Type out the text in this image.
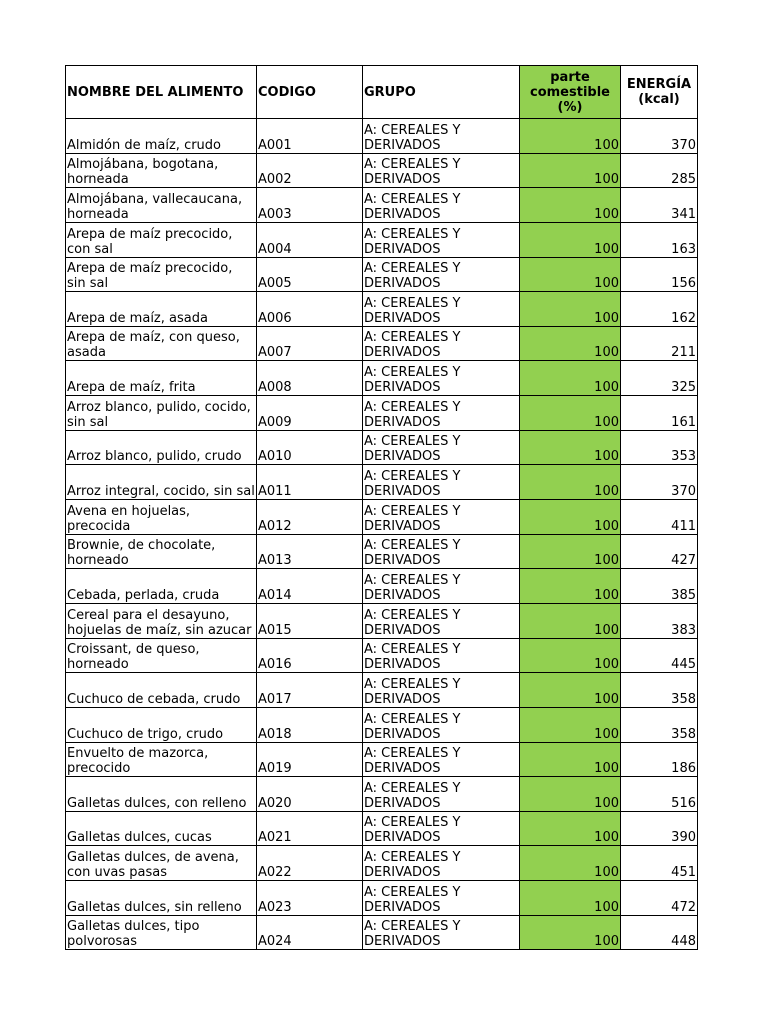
NOMBRE DEL ALIMENTO	CODIGO	GRUPO	parte comestible (%)	ENERGÍA (kcal)
Almidón de maíz, crudo	A001	A: CEREALES Y DERIVADOS	100	370
Almojábana, bogotana, horneada	A002	A: CEREALES Y DERIVADOS	100	285
Almojábana, vallecaucana, horneada	A003	A: CEREALES Y DERIVADOS	100	341
Arepa de maíz precocido, con sal	A004	A: CEREALES Y DERIVADOS	100	163
Arepa de maíz precocido, sin sal	A005	A: CEREALES Y DERIVADOS	100	156
Arepa de maíz, asada	A006	A: CEREALES Y DERIVADOS	100	162
Arepa de maíz, con queso, asada	A007	A: CEREALES Y DERIVADOS	100	211
Arepa de maíz, frita	A008	A: CEREALES Y DERIVADOS	100	325
Arroz blanco, pulido, cocido, sin sal	A009	A: CEREALES Y DERIVADOS	100	161
Arroz blanco, pulido, crudo	A010	A: CEREALES Y DERIVADOS	100	353
Arroz integral, cocido, sin sal	A011	A: CEREALES Y DERIVADOS	100	370
Avena en hojuelas, precocida	A012	A: CEREALES Y DERIVADOS	100	411
Brownie, de chocolate, horneado	A013	A: CEREALES Y DERIVADOS	100	427
Cebada, perlada, cruda	A014	A: CEREALES Y DERIVADOS	100	385
Cereal para el desayuno, hojuelas de maíz, sin azucar	A015	A: CEREALES Y DERIVADOS	100	383
Croissant, de queso, horneado	A016	A: CEREALES Y DERIVADOS	100	445
Cuchuco de cebada, crudo	A017	A: CEREALES Y DERIVADOS	100	358
Cuchuco de trigo, crudo	A018	A: CEREALES Y DERIVADOS	100	358
Envuelto de mazorca, precocido	A019	A: CEREALES Y DERIVADOS	100	186
Galletas dulces, con relleno	A020	A: CEREALES Y DERIVADOS	100	516
Galletas dulces, cucas	A021	A: CEREALES Y DERIVADOS	100	390
Galletas dulces, de avena, con uvas pasas	A022	A: CEREALES Y DERIVADOS	100	451
Galletas dulces, sin relleno	A023	A: CEREALES Y DERIVADOS	100	472
Galletas dulces, tipo polvorosas	A024	A: CEREALES Y DERIVADOS	100	448
